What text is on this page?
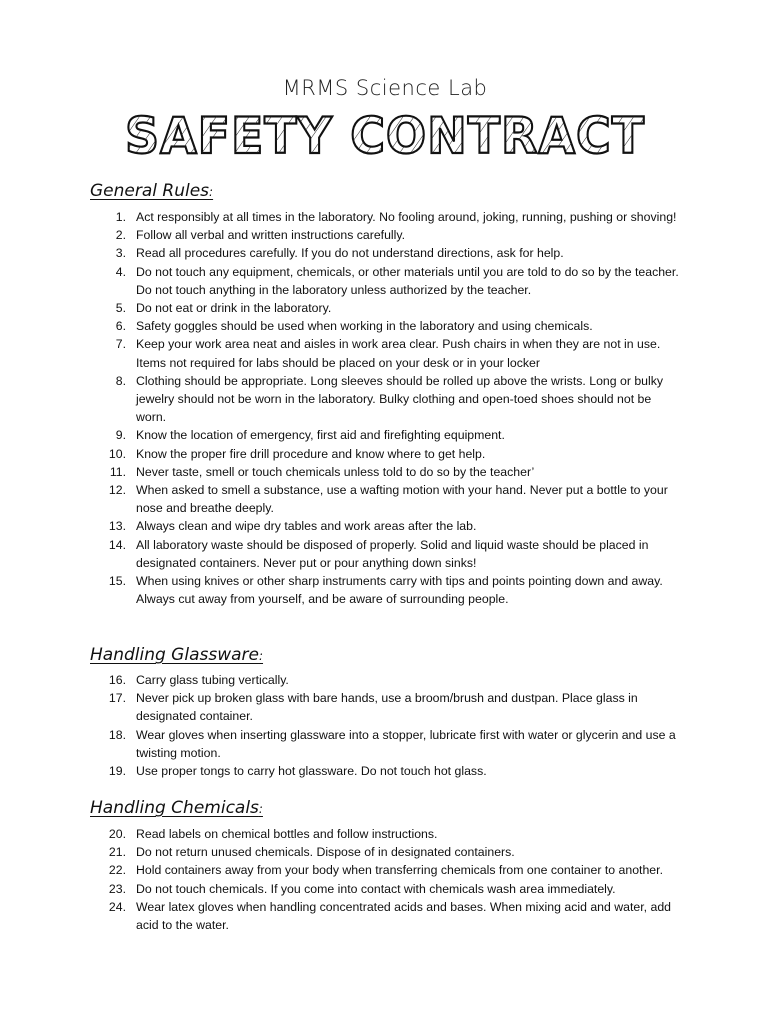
MRMS Science Lab
SAFETY CONTRACT
General Rules:
1. Act responsibly at all times in the laboratory. No fooling around, joking, running, pushing or shoving!
2. Follow all verbal and written instructions carefully.
3. Read all procedures carefully. If you do not understand directions, ask for help.
4. Do not touch any equipment, chemicals, or other materials until you are told to do so by the teacher. Do not touch anything in the laboratory unless authorized by the teacher.
5. Do not eat or drink in the laboratory.
6. Safety goggles should be used when working in the laboratory and using chemicals.
7. Keep your work area neat and aisles in work area clear. Push chairs in when they are not in use. Items not required for labs should be placed on your desk or in your locker
8. Clothing should be appropriate. Long sleeves should be rolled up above the wrists. Long or bulky jewelry should not be worn in the laboratory. Bulky clothing and open-toed shoes should not be worn.
9. Know the location of emergency, first aid and firefighting equipment.
10. Know the proper fire drill procedure and know where to get help.
11. Never taste, smell or touch chemicals unless told to do so by the teacher’
12. When asked to smell a substance, use a wafting motion with your hand. Never put a bottle to your nose and breathe deeply.
13. Always clean and wipe dry tables and work areas after the lab.
14. All laboratory waste should be disposed of properly. Solid and liquid waste should be placed in designated containers. Never put or pour anything down sinks!
15. When using knives or other sharp instruments carry with tips and points pointing down and away. Always cut away from yourself, and be aware of surrounding people.
Handling Glassware:
16. Carry glass tubing vertically.
17. Never pick up broken glass with bare hands, use a broom/brush and dustpan. Place glass in designated container.
18. Wear gloves when inserting glassware into a stopper, lubricate first with water or glycerin and use a twisting motion.
19. Use proper tongs to carry hot glassware. Do not touch hot glass.
Handling Chemicals:
20. Read labels on chemical bottles and follow instructions.
21. Do not return unused chemicals. Dispose of in designated containers.
22. Hold containers away from your body when transferring chemicals from one container to another.
23. Do not touch chemicals. If you come into contact with chemicals wash area immediately.
24. Wear latex gloves when handling concentrated acids and bases. When mixing acid and water, add acid to the water.
